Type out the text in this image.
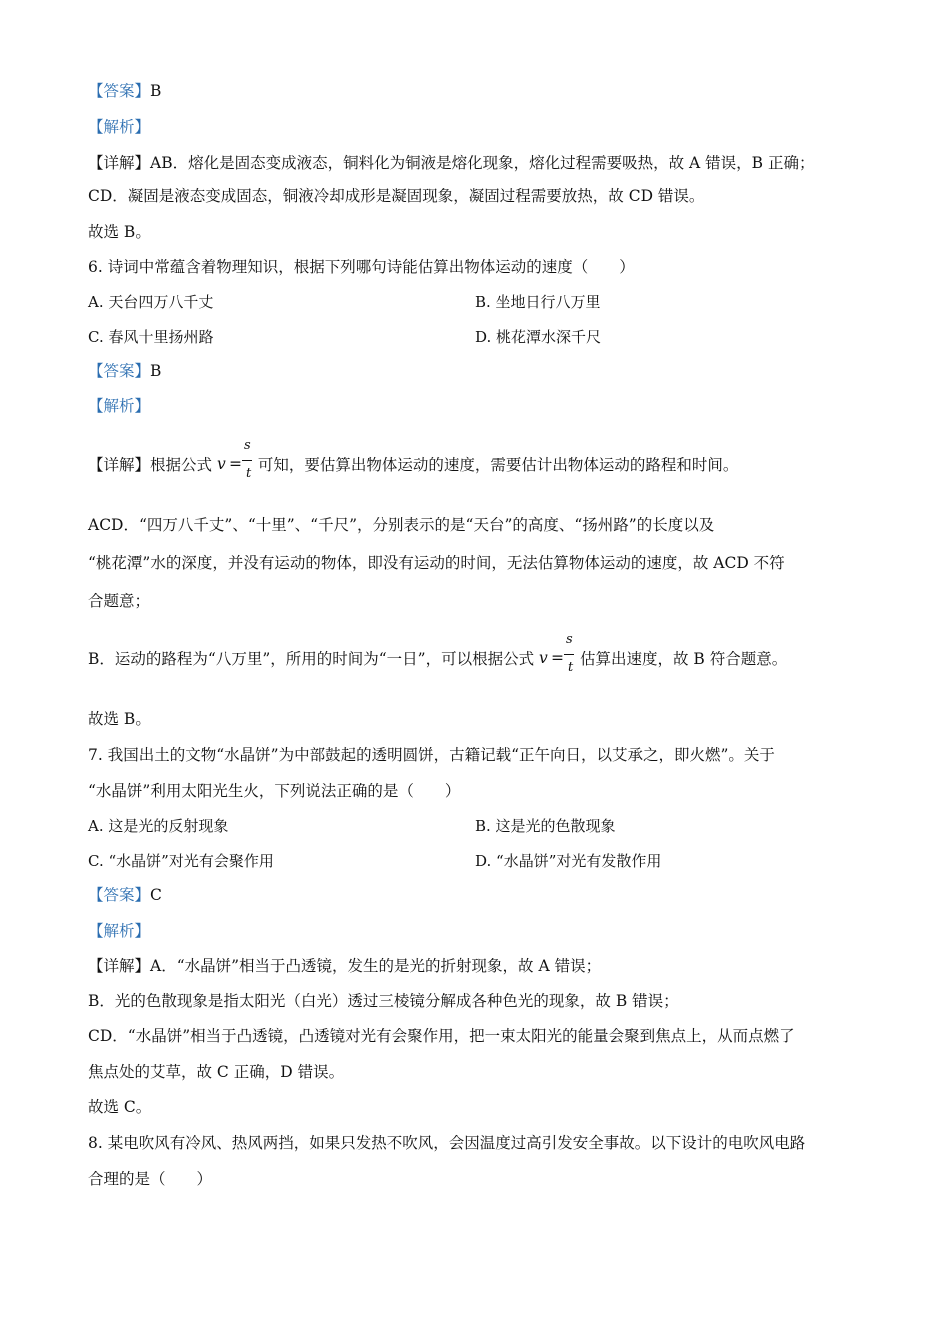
【答案】B
【解析】
【详解】AB．熔化是固态变成液态，铜料化为铜液是熔化现象，熔化过程需要吸热，故 A 错误，B 正确；
CD．凝固是液态变成固态，铜液冷却成形是凝固现象，凝固过程需要放热，故 CD 错误。
故选 B。
6. 诗词中常蕴含着物理知识，根据下列哪句诗能估算出物体运动的速度（　　）
A. 天台四万八千丈	B. 坐地日行八万里
C. 春风十里扬州路	D. 桃花潭水深千尺
【答案】B
【解析】
【详解】根据公式 v =
s
t 可知，要估算出物体运动的速度，需要估计出物体运动的路程和时间。
ACD．“四万八千丈”、“十里”、“千尺”，分别表示的是“天台”的高度、“扬州路”的长度以及
“桃花潭”水的深度，并没有运动的物体，即没有运动的时间，无法估算物体运动的速度，故 ACD 不符
合题意；
B．运动的路程为“八万里”，所用的时间为“一日”，可以根据公式 v =
s
t 估算出速度，故 B 符合题意。
故选 B。
7. 我国出土的文物“水晶饼”为中部鼓起的透明圆饼，古籍记载“正午向日，以艾承之，即火燃”。关于
“水晶饼”利用太阳光生火，下列说法正确的是（　　）
A. 这是光的反射现象	B. 这是光的色散现象
C. “水晶饼”对光有会聚作用	D. “水晶饼”对光有发散作用
【答案】C
【解析】
【详解】A．“水晶饼”相当于凸透镜，发生的是光的折射现象，故 A 错误；
B．光的色散现象是指太阳光（白光）透过三棱镜分解成各种色光的现象，故 B 错误；
CD．“水晶饼”相当于凸透镜，凸透镜对光有会聚作用，把一束太阳光的能量会聚到焦点上，从而点燃了
焦点处的艾草，故 C 正确，D 错误。
故选 C。
8. 某电吹风有冷风、热风两挡，如果只发热不吹风，会因温度过高引发安全事故。以下设计的电吹风电路
合理的是（　　）
